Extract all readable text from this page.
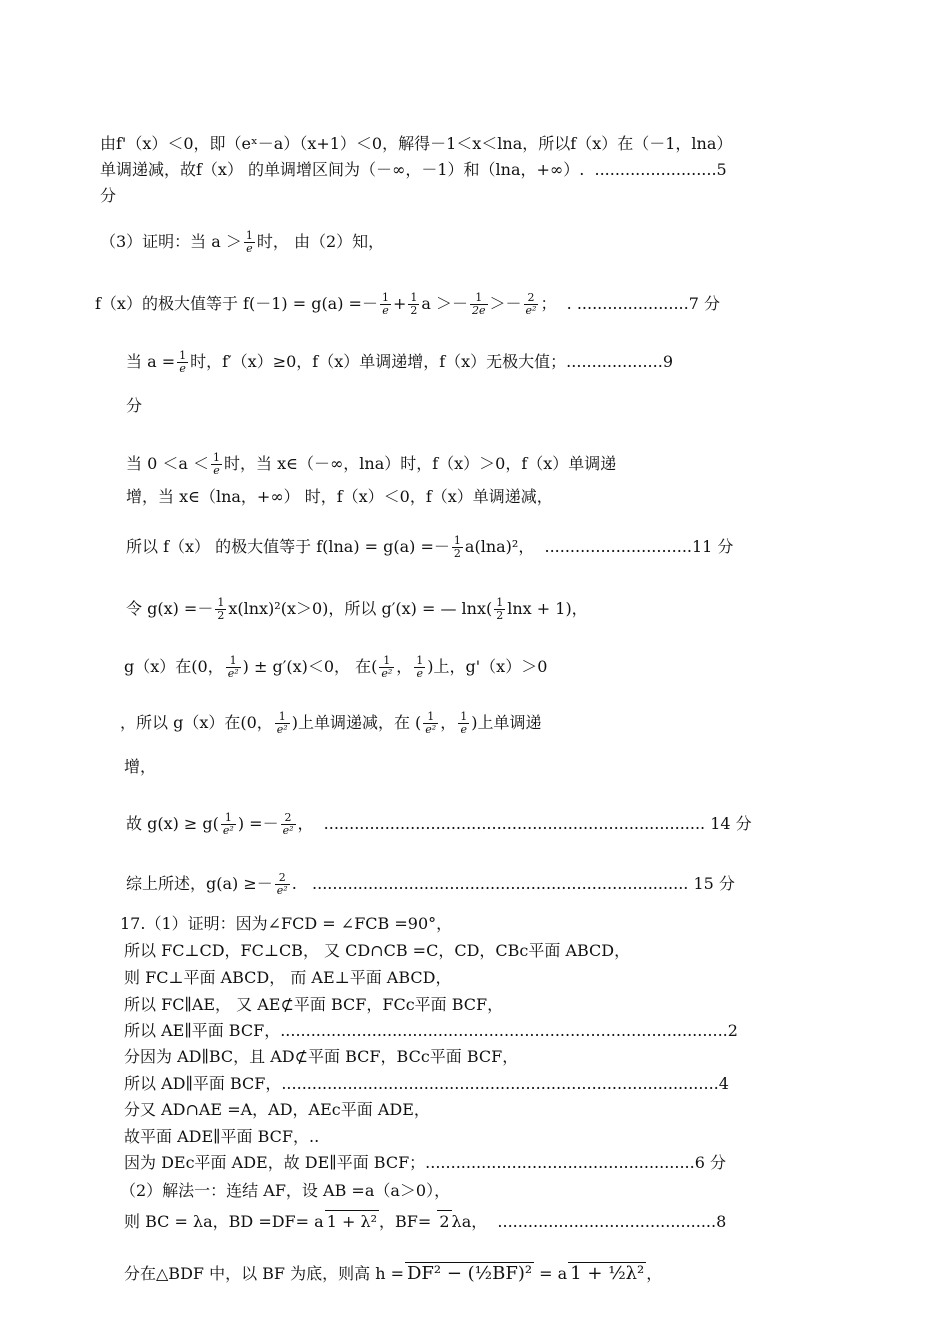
由f'（x）＜0，即（eˣ－a）（x+1）＜0，解得－1＜x＜lna，所以f（x）在（－1，lna）
单调递减，故f（x） 的单调增区间为（－∞，－1）和（lna，+∞）.  ........................5
分
（3）证明：当 $a > \frac{1}{e}$ 时， 由（2）知，
f（x）的极大值等于 $f(-1) = g(a) =- \frac{1}{e} + \frac{1}{2}$ $a >- \frac{1}{2e} >- \frac{2}{\text{e²}}$ ；  . ......................7 分
当 $a = \frac{1}{e}$ 时，f′（x）≥0，f（x）单调递增，f（x）无极大值；...................9
分
当 $0 <a < \frac{1}{e}$ 时，当 x∈（－∞，lna）时，f（x）＞0，f（x）单调递
增，当 x∈（lna，+∞） 时，f（x）＜0，f（x）单调递减，
所以 f（x） 的极大值等于 $f(\ln a) = g(a) =- \frac{1}{2} a(\ln a)^2$，  .............................11 分
令 $g(x) =- \frac{1}{2} x(\ln x)^2(x>0)$，所以 g′(x) = — $\ln x( \frac{1}{2}$ lnx + 1)，
g（x）在(0， $\frac{1}{\text{e²}}$ ) ± g′(x)＜0， 在( $\frac{1}{\text{e²}}$ ， $\frac{1}{e}$ )上，g'（x）＞0
，所以 g（x）在(0， $\frac{1}{\text{e²}}$ )上单调递减，在 ( $\frac{1}{\text{e²}}$ ， $\frac{1}{e}$ )上单调递
增，
故 $g(x) \ge g( \frac{1}{\text{e²}}$ ) =－ $\frac{2}{\text{e²}}$ ，  ........................................................................... 14 分
综上所述，$g(a) \ge- \frac{2}{\text{e²}}$ .   .......................................................................... 15 分
17.（1）证明：因为∠FCD = ∠FCB =90°，
所以 FC⊥CD，FC⊥CB， 又 CD∩CB =C，CD，CBc平面 ABCD，
则 FC⊥平面 ABCD， 而 AE⊥平面 ABCD，
所以 FC∥AE， 又 AE⊄平面 BCF，FCc平面 BCF，
所以 AE∥平面 BCF，........................................................................................2
分因为 AD∥BC，且 AD⊄平面 BCF，BCc平面 BCF，
所以 AD∥平面 BCF，......................................................................................4
分又 AD∩AE =A，AD，AEc平面 ADE，
故平面 ADE∥平面 BCF，..
因为 DEc平面 ADE，故 DE∥平面 BCF；.....................................................6 分
（2）解法一：连结 AF，设 AB =a（a＞0），
则 BC = λa，BD =DF= a 1 + λ² ，BF= 2 λa，  ...........................................8
分在△BDF 中，以 BF 为底，则高 h = DF² − (½BF)² = a 1 + ½λ² ，
